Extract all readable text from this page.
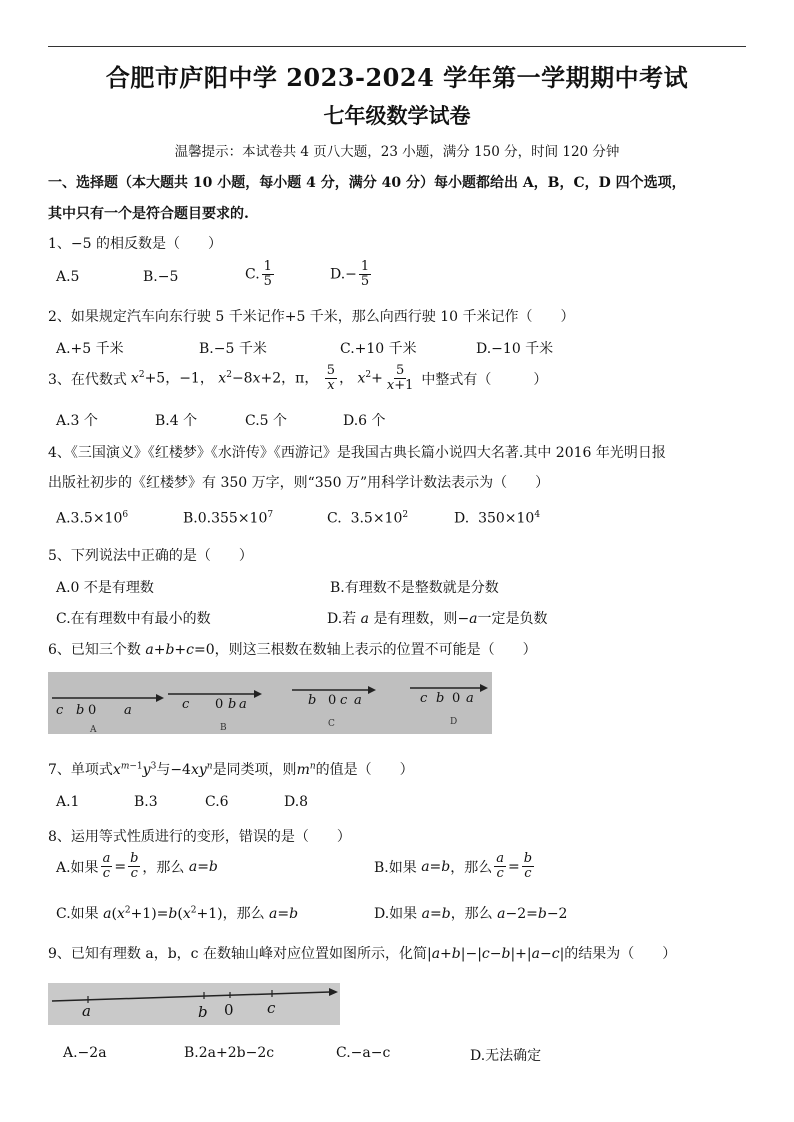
合肥市庐阳中学 2023-2024 学年第一学期期中考试
七年级数学试卷
温馨提示：本试卷共 4 页八大题，23 小题，满分 150 分，时间 120 分钟
一、选择题（本大题共 10 小题，每小题 4 分，满分 40 分）每小题都给出 A，B，C，D 四个选项，
其中只有一个是符合题目要求的.
1、−5 的相反数是（　　）
A.5	B.−5	C. $\frac{1}{5}$	$D.- \frac{1}{5}$
2、如果规定汽车向东行驶 5 千米记作+5 千米，那么向西行驶 10 千米记作（　　）
A.+5 千米	B.−5 千米	C.+10 千米	D.−10 千米
3、在代数式 $x^2+5$，−1， $x^2-8x+2$，π， $\frac{5}{x}$ ， $x^2+ \frac{5}{x+1}$ 中整式有（　　　）
A.3 个	B.4 个	C.5 个	D.6 个
4、《三国演义》《红楼梦》《水浒传》《西游记》是我国古典长篇小说四大名著.其中 2016 年光明日报
出版社初步的《红楼梦》有 350 万字，则“350 万”用科学计数法表示为（　　）
$A.3.5\times 10^6$	$B.0.355\times 10^7$	C.  $3.5\times 10^2$	D.  $350\times 10^4$
5、下列说法中正确的是（　　）
A.0 不是有理数	B.有理数不是整数就是分数
C.在有理数中有最小的数	D.若 a 是有理数，则−a一定是负数
6、已知三个数 a+b+c=0，则这三根数在数轴上表示的位置不可能是（　　）
c b 0 a
A
c 0 b a
B
b 0 c a
C
c b 0 a
D
7、单项式$x^{m-1}y^3$与$-4xy^n$是同类项，则$m^n$的值是（　　）
A.1	B.3	C.6	D.8
8、运用等式性质进行的变形，错误的是（　　）
A.如果 $\frac{a}{c} = \frac{b}{c}$ ，那么 a = b	B.如果 a = b ，那么 $\frac{a}{c} = \frac{b}{c}$
C.如果 $a(x^2+1)=b(x^2+1)$，那么 a=b	D.如果 a=b，那么 a−2=b−2
9、已知有理数 a，b，c 在数轴山峰对应位置如图所示，化简|a+b|−|c−b|+|a−c|的结果为（　　）
a	b 0 c
A.−2a	B.2a+2b−2c	C.−a−c	D.无法确定
